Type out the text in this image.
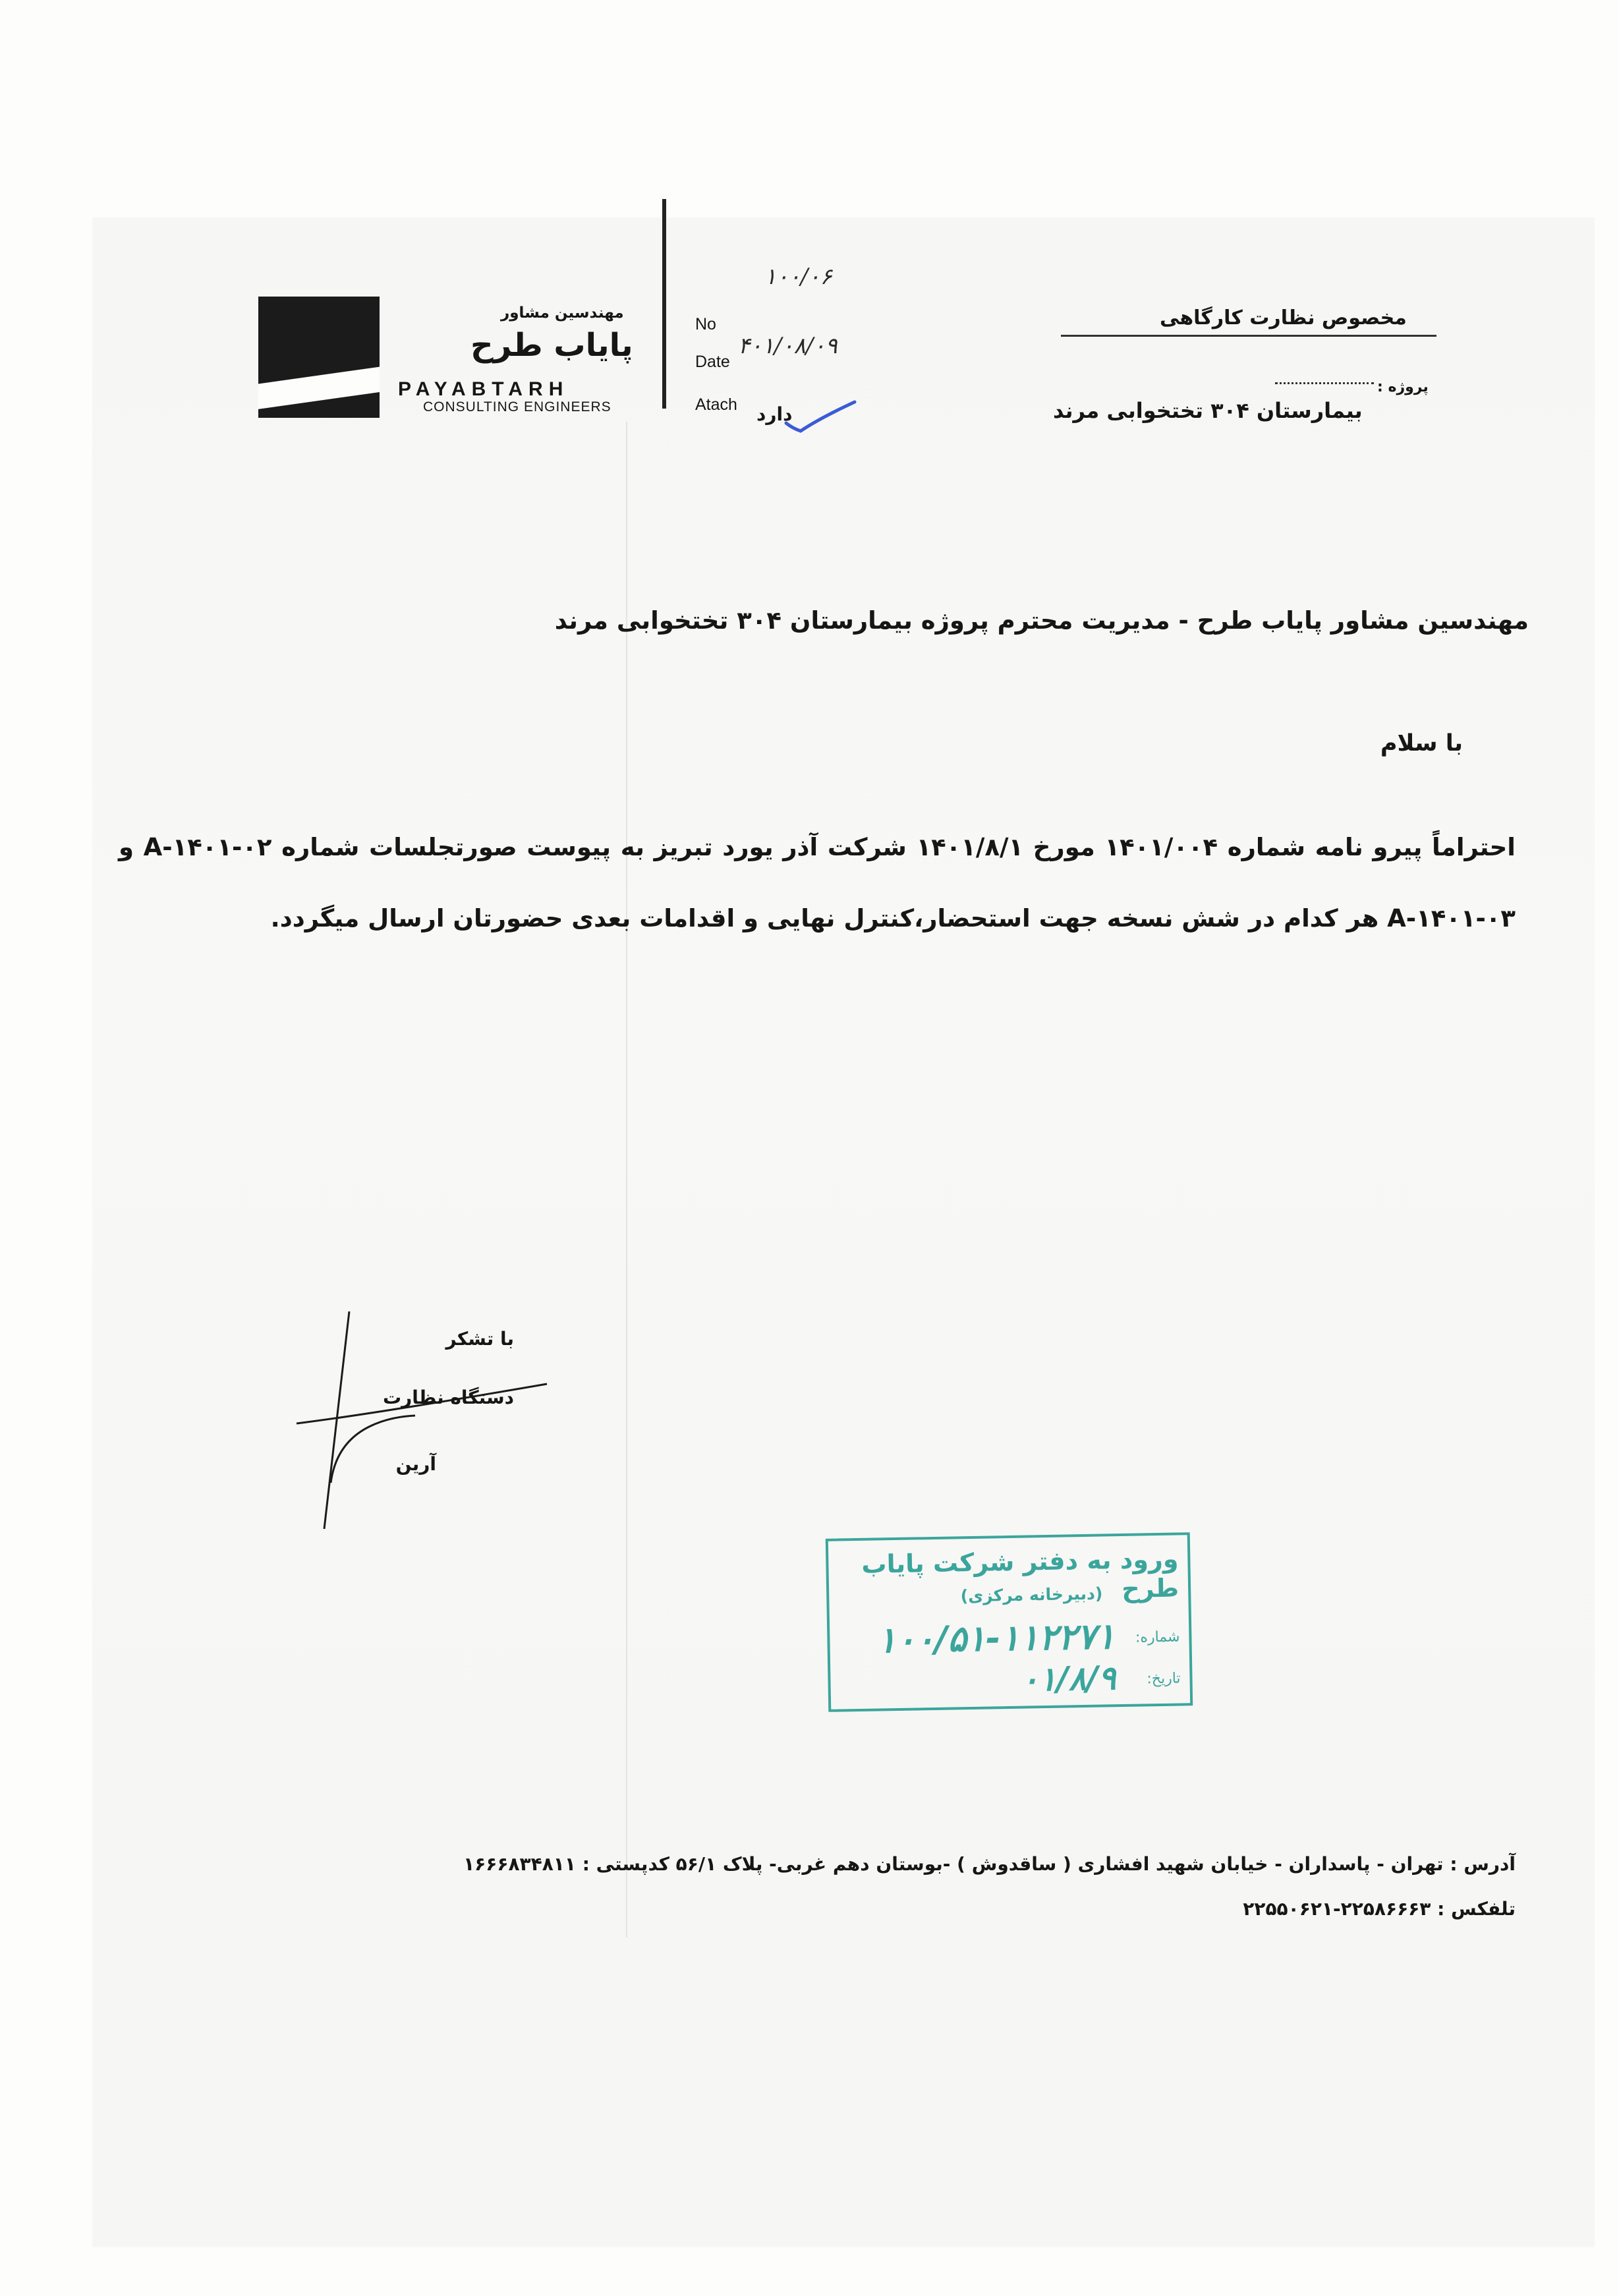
مهندسین مشاور
پایاب طرح
PAYABTARH
CONSULTING ENGINEERS
No
Date
Atach
۱۰۰/۰۶
۴۰۱/۰۸/۰۹
دارد
مخصوص نظارت کارگاهی
پروژه :
بیمارستان ۳۰۴ تختخوابی مرند
مهندسین مشاور پایاب طرح - مدیریت محترم پروژه بیمارستان ۳۰۴ تختخوابی مرند
با سلام
احتراماً پیرو نامه شماره ۱۴۰۱/۰۰۴ مورخ ۱۴۰۱/۸/۱ شرکت آذر یورد تبریز به پیوست صورتجلسات شماره ۰۲-۱۴۰۱-A و ۰۳-۱۴۰۱-A هر کدام در شش نسخه جهت استحضار،کنترل نهایی و اقدامات بعدی حضورتان ارسال میگردد.
با تشکر
دستگاه نظارت
آرین
ورود به دفتر شرکت پایاب طرح
(دبیرخانه مرکزی)
شماره:
۱۰۰/۵۱-۱۱۲۲۷۱
تاریخ:
۰۱/۸/۹
آدرس : تهران - پاسداران - خیابان شهید افشاری ( ساقدوش ) -بوستان دهم غربی- پلاک ۵۶/۱ کدپستی : ۱۶۶۶۸۳۴۸۱۱
تلفکس : ۲۲۵۸۶۶۶۳-۲۲۵۵۰۶۲۱
